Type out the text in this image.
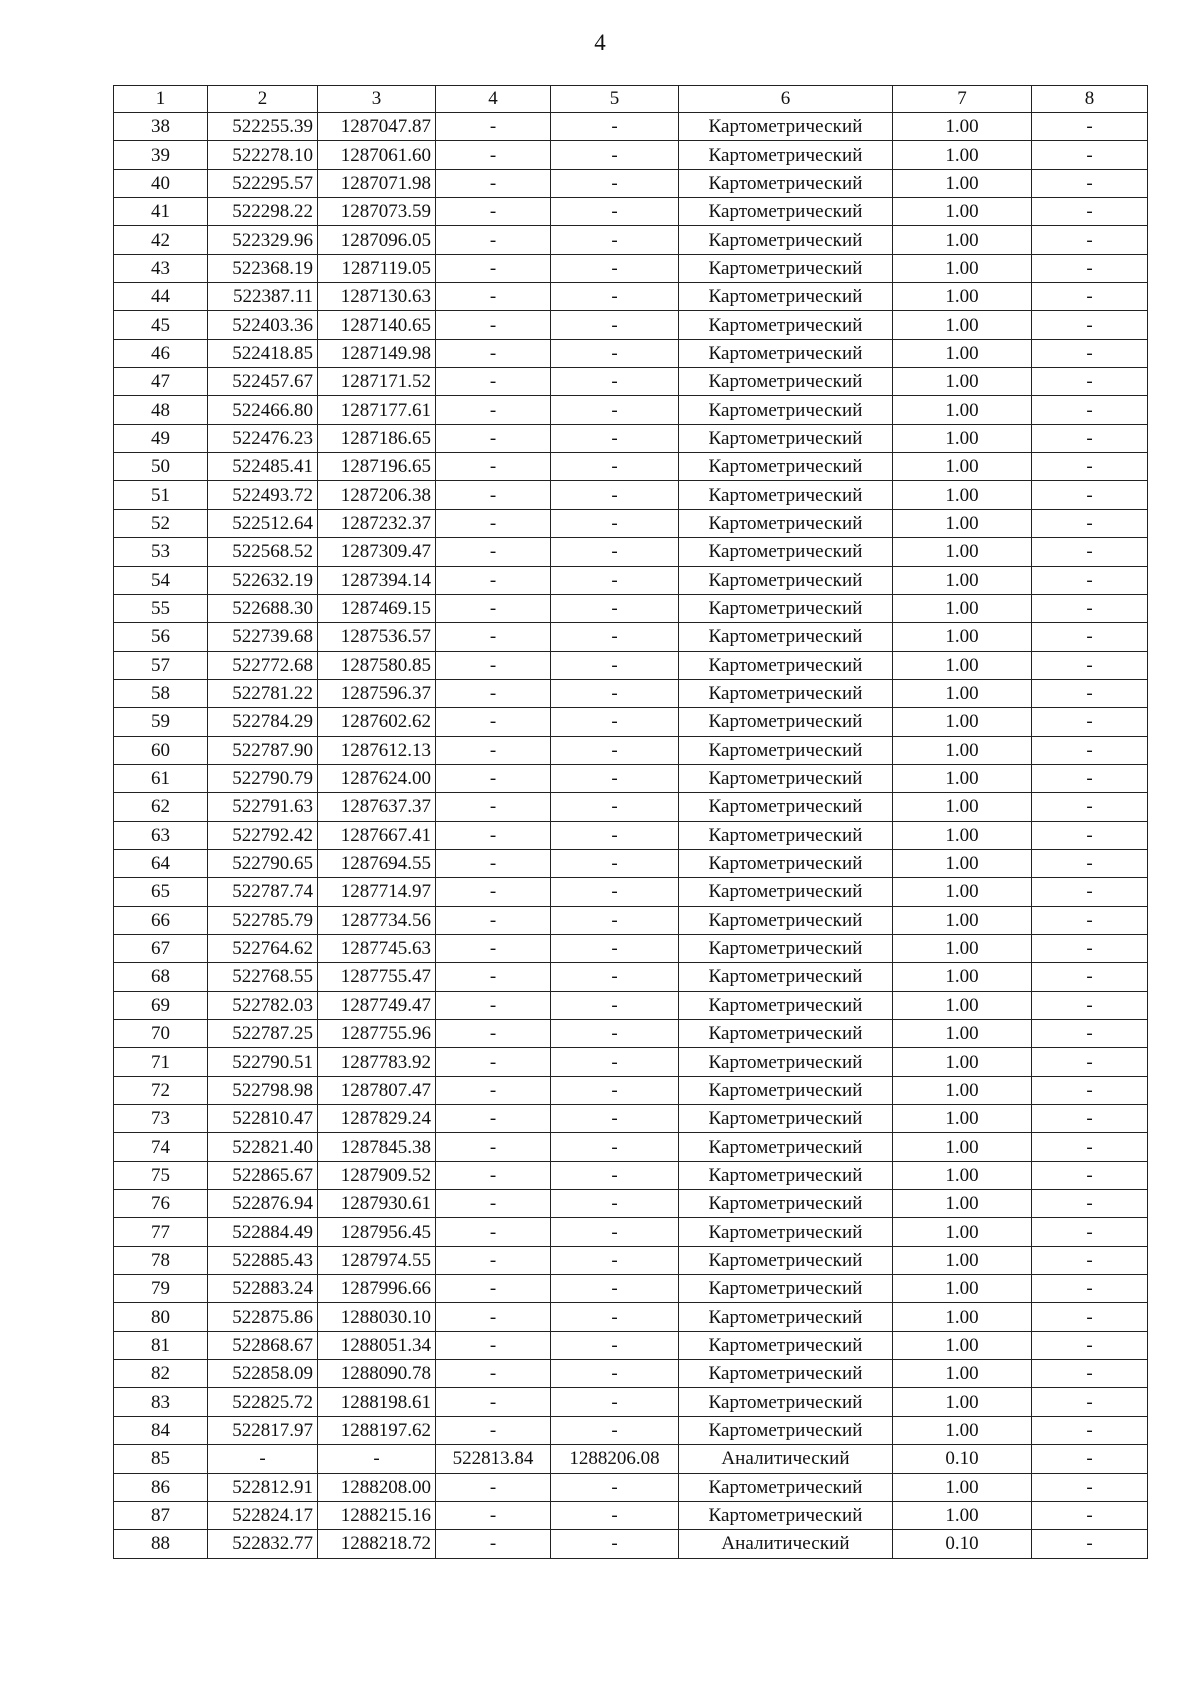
4
1	2	3	4	5	6	7	8
38	522255.39	1287047.87	-	-	Картометрический	1.00	-
39	522278.10	1287061.60	-	-	Картометрический	1.00	-
40	522295.57	1287071.98	-	-	Картометрический	1.00	-
41	522298.22	1287073.59	-	-	Картометрический	1.00	-
42	522329.96	1287096.05	-	-	Картометрический	1.00	-
43	522368.19	1287119.05	-	-	Картометрический	1.00	-
44	522387.11	1287130.63	-	-	Картометрический	1.00	-
45	522403.36	1287140.65	-	-	Картометрический	1.00	-
46	522418.85	1287149.98	-	-	Картометрический	1.00	-
47	522457.67	1287171.52	-	-	Картометрический	1.00	-
48	522466.80	1287177.61	-	-	Картометрический	1.00	-
49	522476.23	1287186.65	-	-	Картометрический	1.00	-
50	522485.41	1287196.65	-	-	Картометрический	1.00	-
51	522493.72	1287206.38	-	-	Картометрический	1.00	-
52	522512.64	1287232.37	-	-	Картометрический	1.00	-
53	522568.52	1287309.47	-	-	Картометрический	1.00	-
54	522632.19	1287394.14	-	-	Картометрический	1.00	-
55	522688.30	1287469.15	-	-	Картометрический	1.00	-
56	522739.68	1287536.57	-	-	Картометрический	1.00	-
57	522772.68	1287580.85	-	-	Картометрический	1.00	-
58	522781.22	1287596.37	-	-	Картометрический	1.00	-
59	522784.29	1287602.62	-	-	Картометрический	1.00	-
60	522787.90	1287612.13	-	-	Картометрический	1.00	-
61	522790.79	1287624.00	-	-	Картометрический	1.00	-
62	522791.63	1287637.37	-	-	Картометрический	1.00	-
63	522792.42	1287667.41	-	-	Картометрический	1.00	-
64	522790.65	1287694.55	-	-	Картометрический	1.00	-
65	522787.74	1287714.97	-	-	Картометрический	1.00	-
66	522785.79	1287734.56	-	-	Картометрический	1.00	-
67	522764.62	1287745.63	-	-	Картометрический	1.00	-
68	522768.55	1287755.47	-	-	Картометрический	1.00	-
69	522782.03	1287749.47	-	-	Картометрический	1.00	-
70	522787.25	1287755.96	-	-	Картометрический	1.00	-
71	522790.51	1287783.92	-	-	Картометрический	1.00	-
72	522798.98	1287807.47	-	-	Картометрический	1.00	-
73	522810.47	1287829.24	-	-	Картометрический	1.00	-
74	522821.40	1287845.38	-	-	Картометрический	1.00	-
75	522865.67	1287909.52	-	-	Картометрический	1.00	-
76	522876.94	1287930.61	-	-	Картометрический	1.00	-
77	522884.49	1287956.45	-	-	Картометрический	1.00	-
78	522885.43	1287974.55	-	-	Картометрический	1.00	-
79	522883.24	1287996.66	-	-	Картометрический	1.00	-
80	522875.86	1288030.10	-	-	Картометрический	1.00	-
81	522868.67	1288051.34	-	-	Картометрический	1.00	-
82	522858.09	1288090.78	-	-	Картометрический	1.00	-
83	522825.72	1288198.61	-	-	Картометрический	1.00	-
84	522817.97	1288197.62	-	-	Картометрический	1.00	-
85	-	-	522813.84	1288206.08	Аналитический	0.10	-
86	522812.91	1288208.00	-	-	Картометрический	1.00	-
87	522824.17	1288215.16	-	-	Картометрический	1.00	-
88	522832.77	1288218.72	-	-	Аналитический	0.10	-
